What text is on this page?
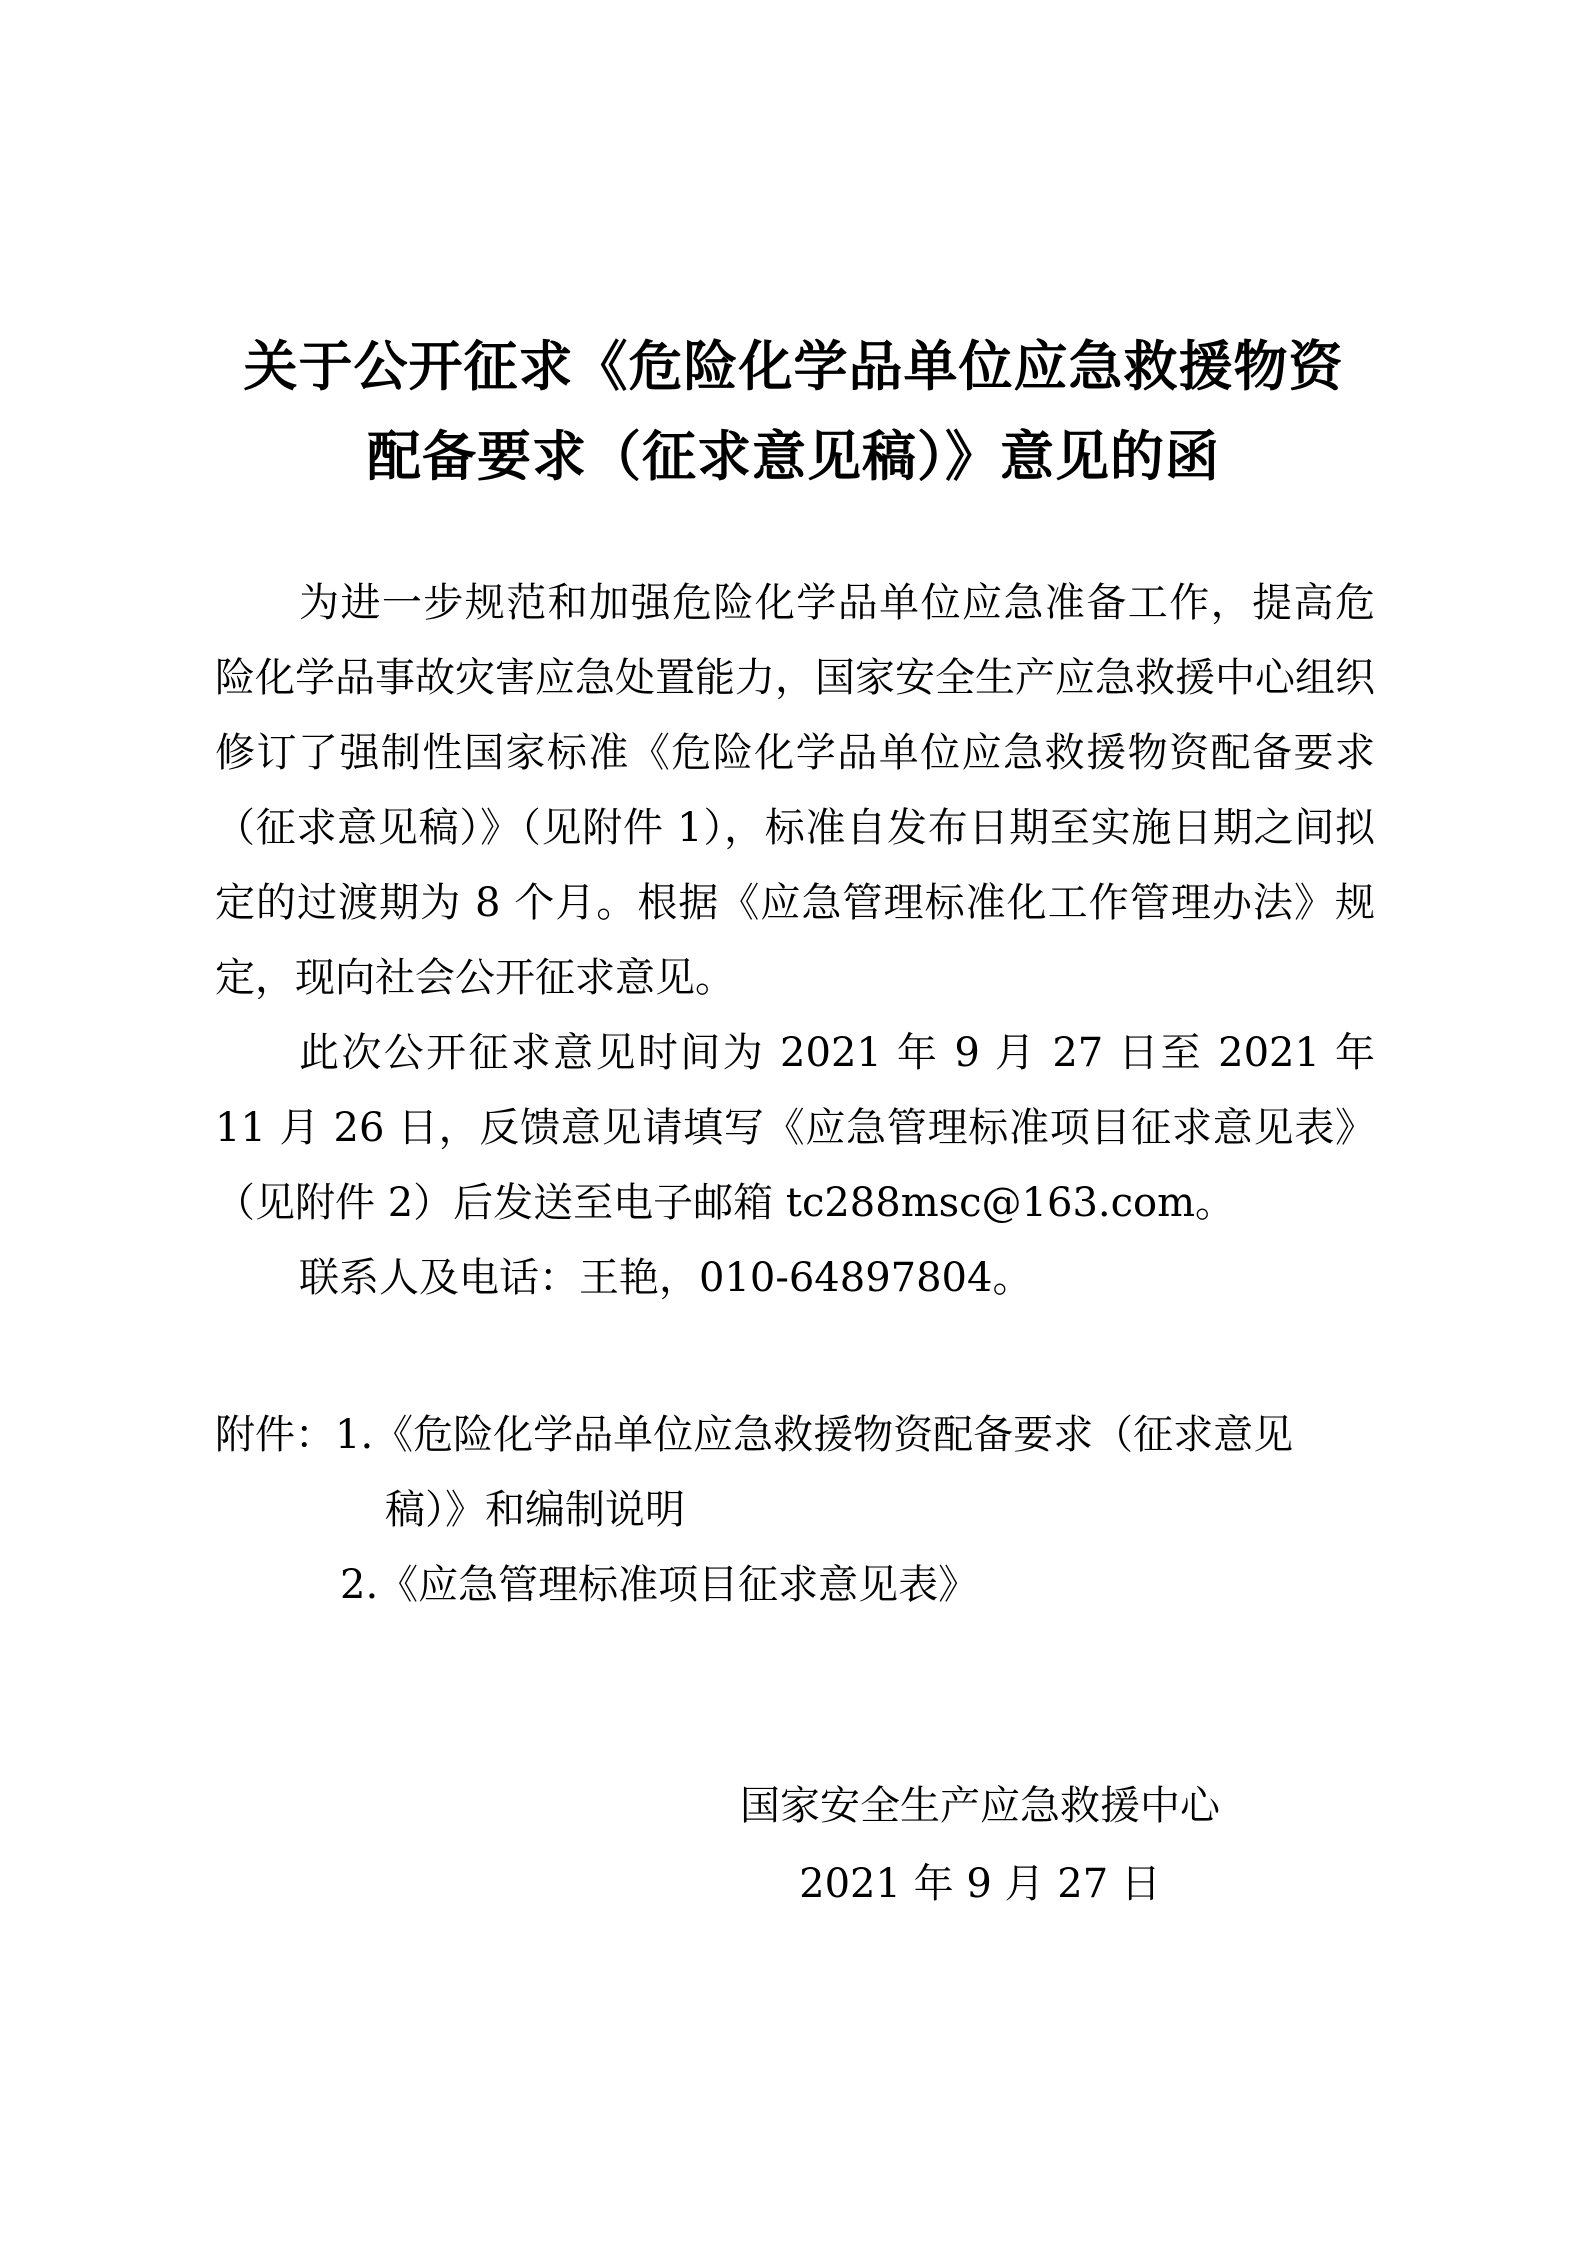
关于公开征求《危险化学品单位应急救援物资
配备要求（征求意见稿）》意见的函

为进一步规范和加强危险化学品单位应急准备工作，提高危险化学品事故灾害应急处置能力，国家安全生产应急救援中心组织修订了强制性国家标准《危险化学品单位应急救援物资配备要求（征求意见稿）》（见附件 1），标准自发布日期至实施日期之间拟定的过渡期为 8 个月。根据《应急管理标准化工作管理办法》规定，现向社会公开征求意见。

此次公开征求意见时间为 2021 年 9 月 27 日至 2021 年 11 月 26 日，反馈意见请填写《应急管理标准项目征求意见表》（见附件 2）后发送至电子邮箱 tc288msc@163.com。

联系人及电话：王艳，010-64897804。

附件：1.《危险化学品单位应急救援物资配备要求（征求意见
稿）》和编制说明
2.《应急管理标准项目征求意见表》
国家安全生产应急救援中心
2021 年 9 月 27 日
